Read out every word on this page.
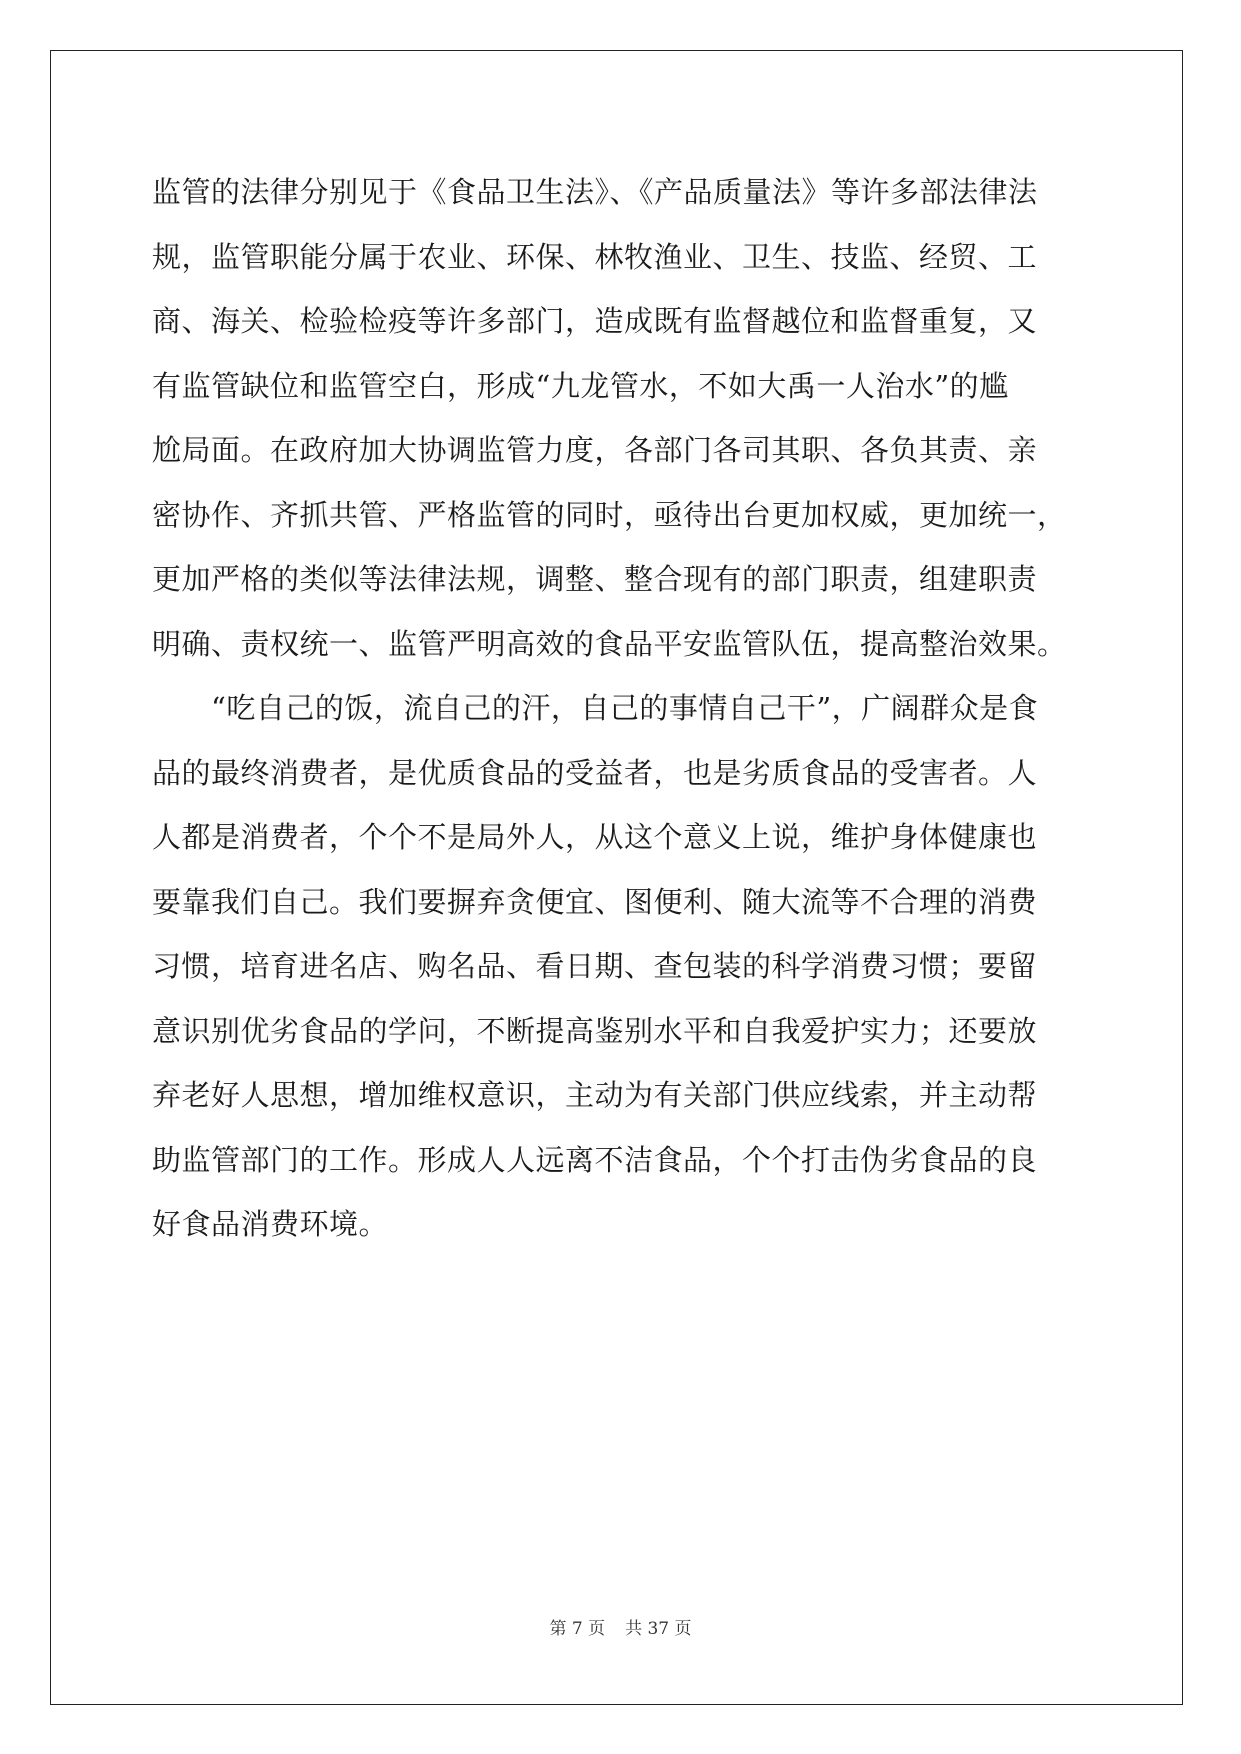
监管的法律分别见于《食品卫生法》、《产品质量法》等许多部法律法
规，监管职能分属于农业、环保、林牧渔业、卫生、技监、经贸、工
商、海关、检验检疫等许多部门，造成既有监督越位和监督重复，又
有监管缺位和监管空白，形成“九龙管水，不如大禹一人治水”的尴
尬局面。在政府加大协调监管力度，各部门各司其职、各负其责、亲
密协作、齐抓共管、严格监管的同时，亟待出台更加权威，更加统一，
更加严格的类似等法律法规，调整、整合现有的部门职责，组建职责
明确、责权统一、监管严明高效的食品平安监管队伍，提高整治效果。
　　“吃自己的饭，流自己的汗，自己的事情自己干”，广阔群众是食
品的最终消费者，是优质食品的受益者，也是劣质食品的受害者。人
人都是消费者，个个不是局外人，从这个意义上说，维护身体健康也
要靠我们自己。我们要摒弃贪便宜、图便利、随大流等不合理的消费
习惯，培育进名店、购名品、看日期、查包装的科学消费习惯；要留
意识别优劣食品的学问，不断提高鉴别水平和自我爱护实力；还要放
弃老好人思想，增加维权意识，主动为有关部门供应线索，并主动帮
助监管部门的工作。形成人人远离不洁食品，个个打击伪劣食品的良
好食品消费环境。
第 7 页 共 37 页
